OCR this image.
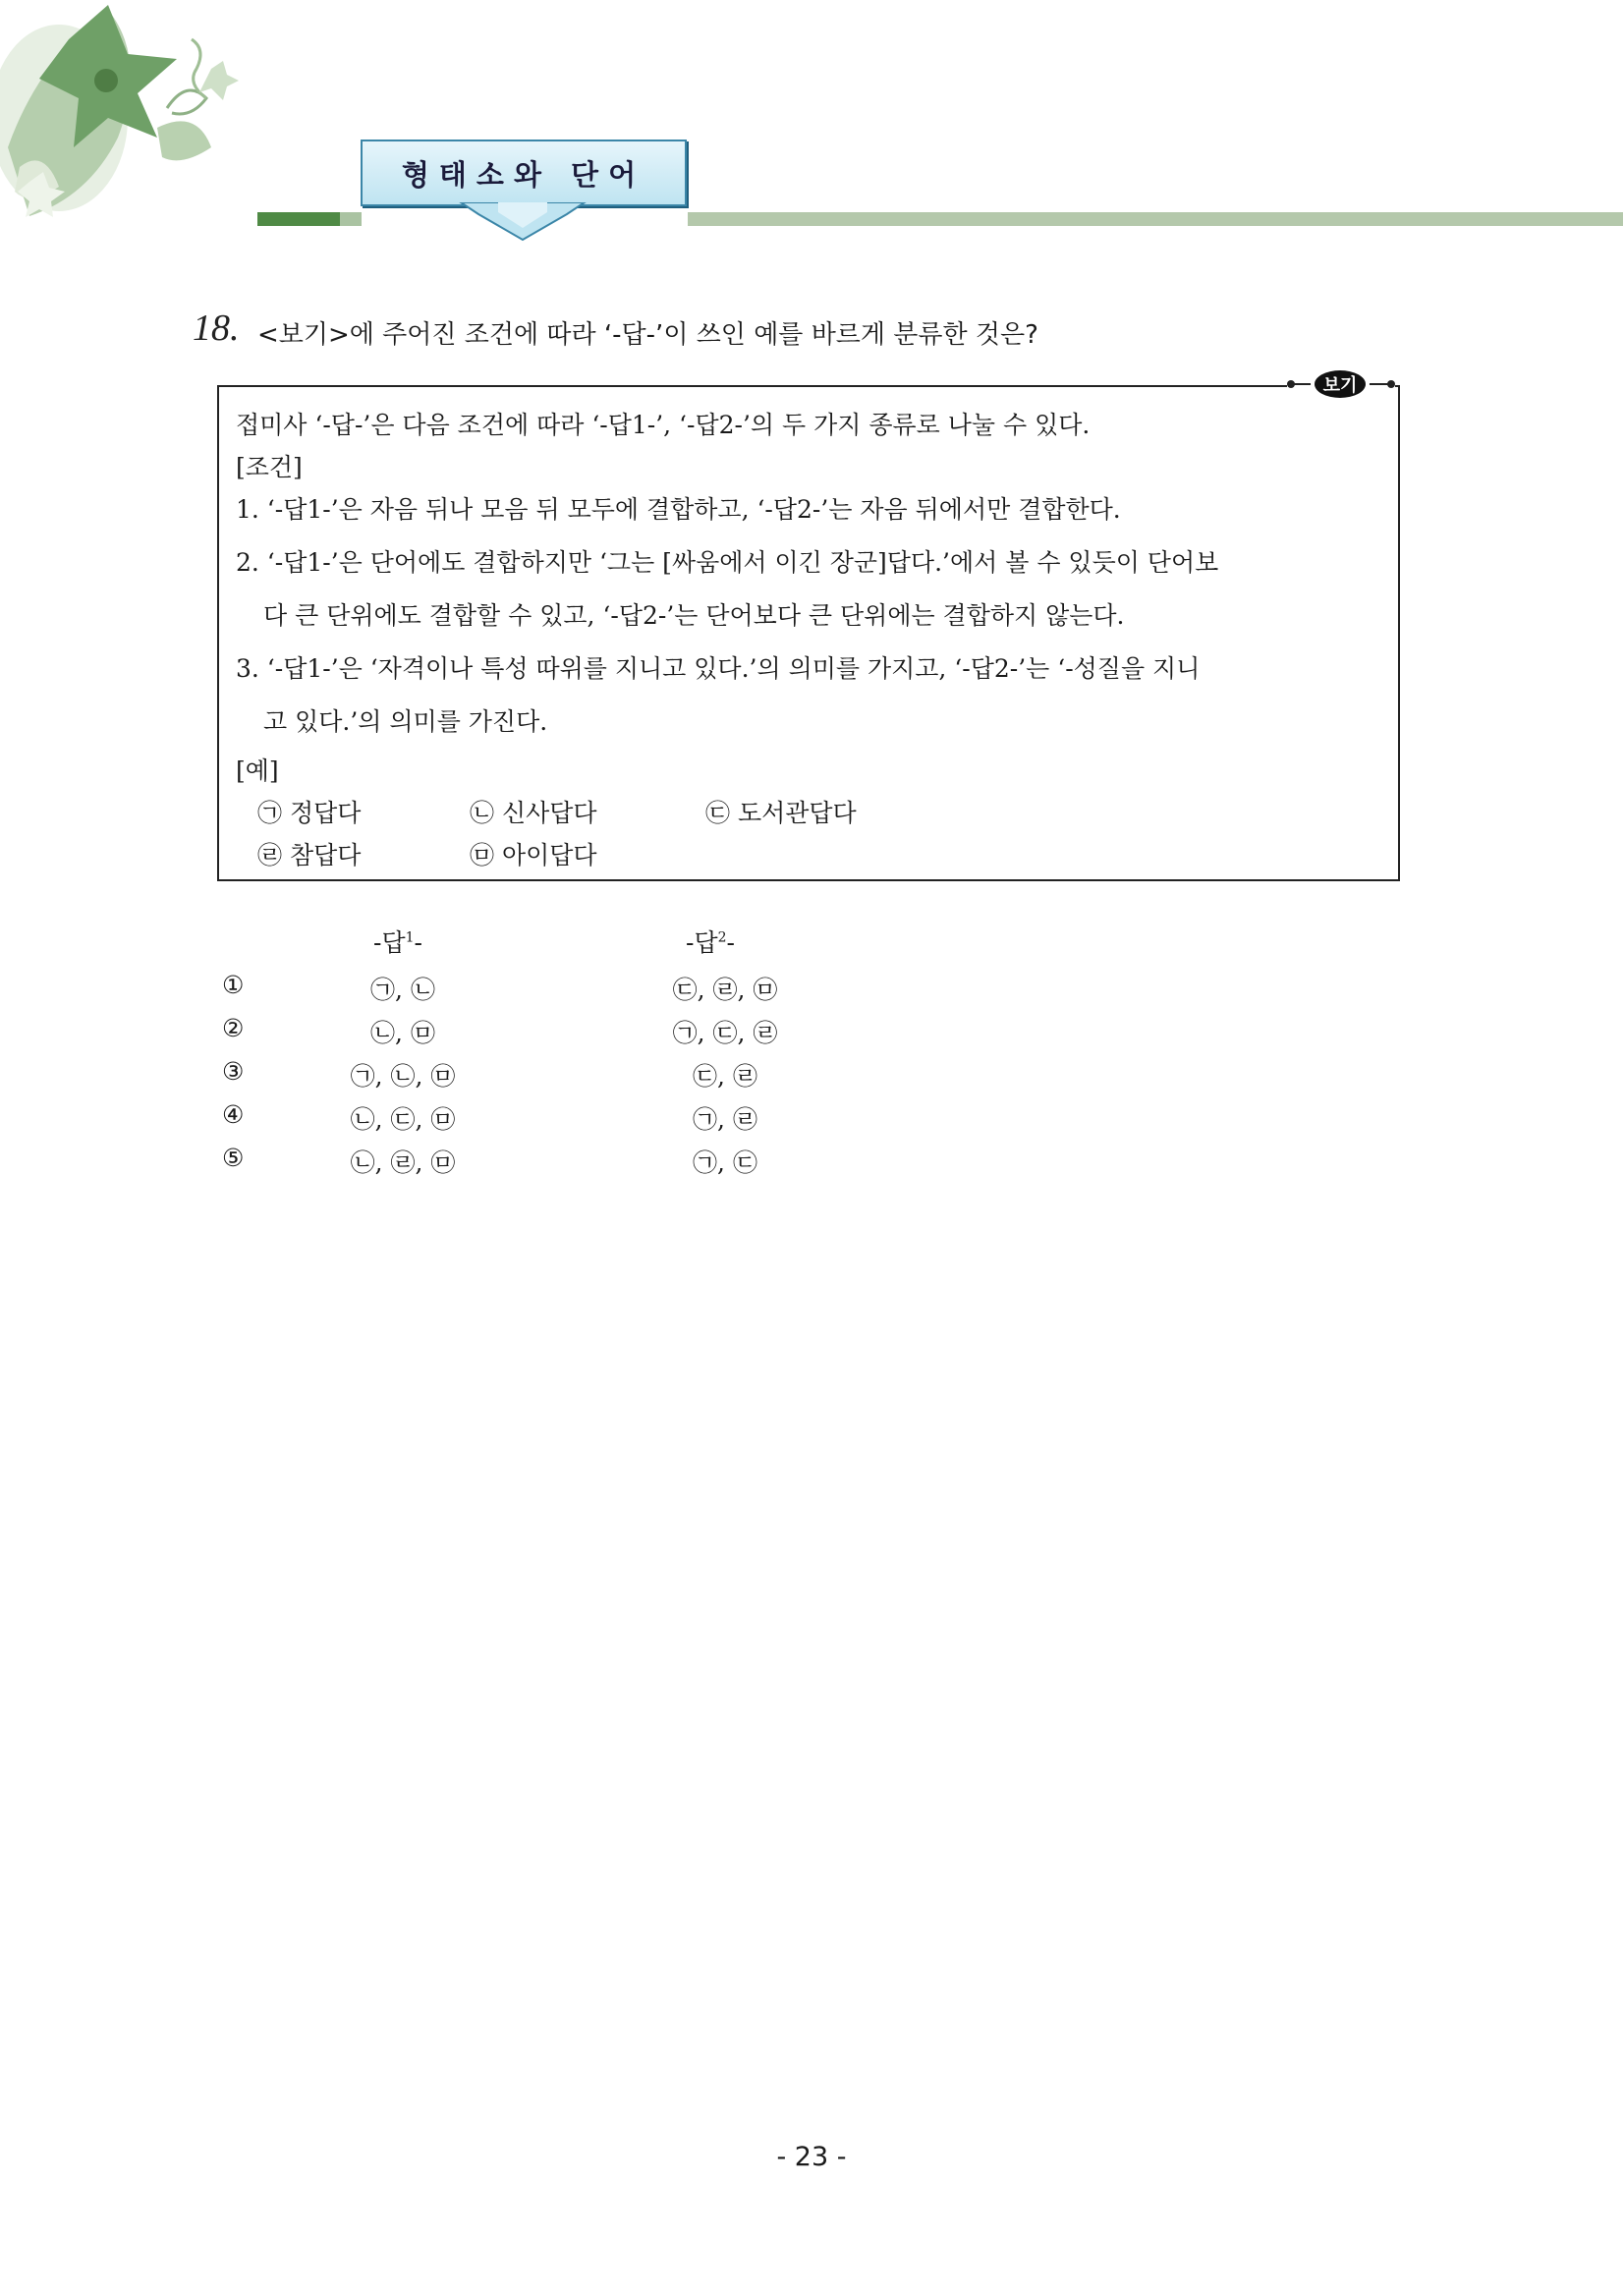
형태소와 단어
18. <보기>에 주어진 조건에 따라 ‘-답-’이 쓰인 예를 바르게 분류한 것은?
보기
접미사 ‘-답-’은 다음 조건에 따라 ‘-답1-’, ‘-답2-’의 두 가지 종류로 나눌 수 있다.
[조건]
1. ‘-답1-’은 자음 뒤나 모음 뒤 모두에 결합하고, ‘-답2-’는 자음 뒤에서만 결합한다.
2. ‘-답1-’은 단어에도 결합하지만 ‘그는 [싸움에서 이긴 장군]답다.’에서 볼 수 있듯이 단어보
다 큰 단위에도 결합할 수 있고, ‘-답2-’는 단어보다 큰 단위에는 결합하지 않는다.
3. ‘-답1-’은 ‘자격이나 특성 따위를 지니고 있다.’의 의미를 가지고, ‘-답2-’는 ‘-성질을 지니
고 있다.’의 의미를 가진다.
[예]
㉠ 정답다	㉡ 신사답다	㉢ 도서관답다
㉣ 참답다	㉤ 아이답다
-답$^1$-	-답$^2$-
①	㉠, ㉡	㉢, ㉣, ㉤
②	㉡, ㉤	㉠, ㉢, ㉣
③	㉠, ㉡, ㉤	㉢, ㉣
④	㉡, ㉢, ㉤	㉠, ㉣
⑤	㉡, ㉣, ㉤	㉠, ㉢
- 23 -
